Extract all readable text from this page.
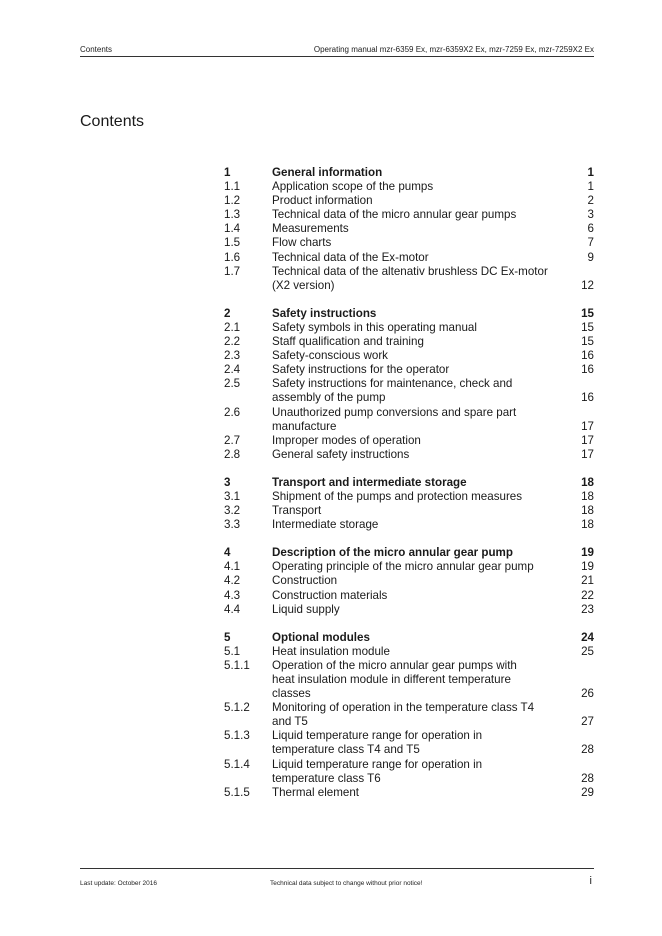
Contents	Operating manual mzr-6359 Ex, mzr-6359X2 Ex, mzr-7259 Ex, mzr-7259X2 Ex
Contents
1	General information	1
1.1	Application scope of the pumps	1
1.2	Product information	2
1.3	Technical data of the micro annular gear pumps	3
1.4	Measurements	6
1.5	Flow charts	7
1.6	Technical data of the Ex-motor	9
1.7	Technical data of the altenativ brushless DC Ex-motor
(X2 version)	12
2	Safety instructions	15
2.1	Safety symbols in this operating manual	15
2.2	Staff qualification and training	15
2.3	Safety-conscious work	16
2.4	Safety instructions for the operator	16
2.5	Safety instructions for maintenance, check and
assembly of the pump	16
2.6	Unauthorized pump conversions and spare part
manufacture	17
2.7	Improper modes of operation	17
2.8	General safety instructions	17
3	Transport and intermediate storage	18
3.1	Shipment of the pumps and protection measures	18
3.2	Transport	18
3.3	Intermediate storage	18
4	Description of the micro annular gear pump	19
4.1	Operating principle of the micro annular gear pump	19
4.2	Construction	21
4.3	Construction materials	22
4.4	Liquid supply	23
5	Optional modules	24
5.1	Heat insulation module	25
5.1.1	Operation of the micro annular gear pumps with
heat insulation module in different temperature
classes	26
5.1.2	Monitoring of operation in the temperature class T4
and T5	27
5.1.3	Liquid temperature range for operation in
temperature class T4 and T5	28
5.1.4	Liquid temperature range for operation in
temperature class T6	28
5.1.5	Thermal element	29
Last update: October 2016	Technical data subject to change without prior notice!	i
